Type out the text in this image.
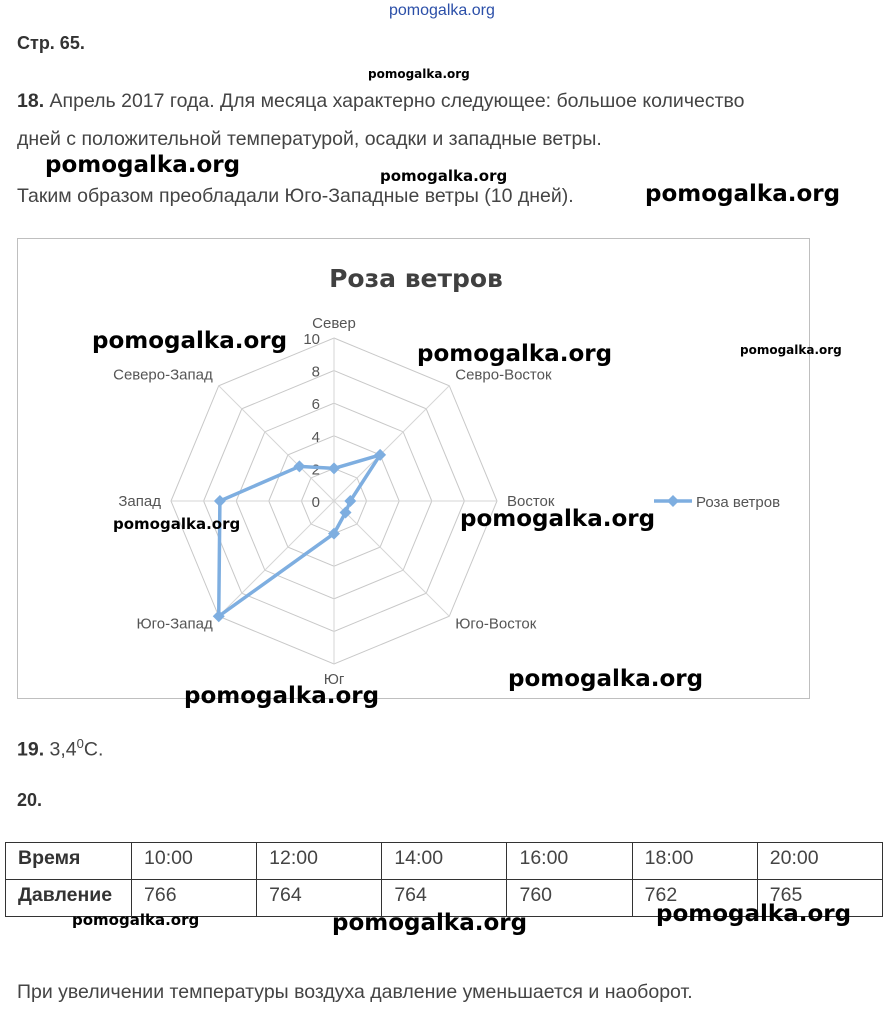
pomogalka.org
Стр. 65.
pomogalka.org
18. Апрель 2017 года. Для месяца характерно следующее: большое количество
дней с положительной температурой, осадки и западные ветры.
pomogalka.org	pomogalka.org
Таким образом преобладали Юго-Западные ветры (10 дней).	pomogalka.org
Роза ветров
0
2
4
6
8
10
Север
Севро-Восток
Восток
Юго-Восток
Юг
Юго-Запад
Запад
Северо-Запад
Роза ветров
pomogalka.org	pomogalka.org	pomogalka.org
pomogalka.org	pomogalka.org
pomogalka.org
pomogalka.org
19. $3,4^0С$.
20.
Время	10:00	12:00	14:00	16:00	18:00	20:00
Давление	766	764	764	760	762	765
pomogalka.org	pomogalka.org	pomogalka.org
При увеличении температуры воздуха давление уменьшается и наоборот.
